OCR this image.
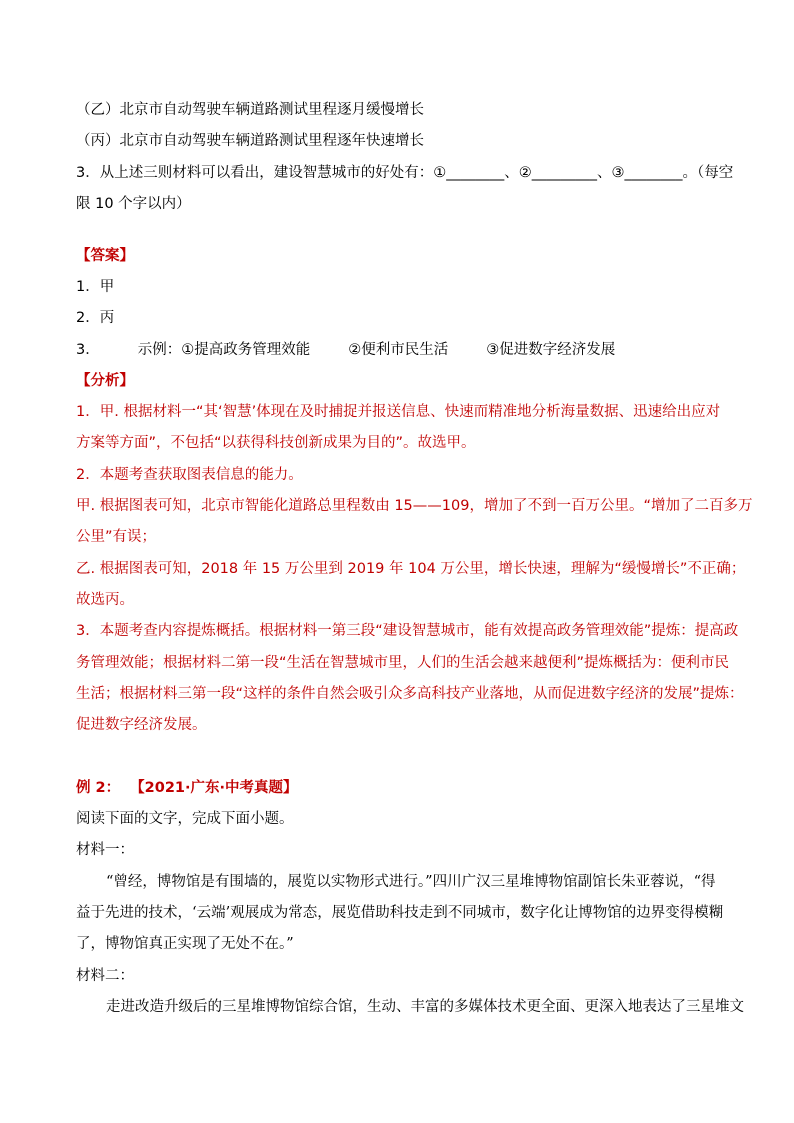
（乙）北京市自动驾驶车辆道路测试里程逐月缓慢增长
（丙）北京市自动驾驶车辆道路测试里程逐年快速增长
3．从上述三则材料可以看出，建设智慧城市的好处有：①________、②_________、③________。（每空
限 10 个字以内）
【答案】
1．甲
2．丙
3．	示例：①提高政务管理效能	②便利市民生活	③促进数字经济发展
【分析】
1．甲. 根据材料一“其‘智慧’体现在及时捕捉并报送信息、快速而精准地分析海量数据、迅速给出应对
方案等方面”，不包括“以获得科技创新成果为目的”。故选甲。
2．本题考查获取图表信息的能力。
甲. 根据图表可知，北京市智能化道路总里程数由 15——109，增加了不到一百万公里。“增加了二百多万
公里”有误；
乙. 根据图表可知，2018 年 15 万公里到 2019 年 104 万公里，增长快速，理解为“缓慢增长”不正确；
故选丙。
3．本题考查内容提炼概括。根据材料一第三段“建设智慧城市，能有效提高政务管理效能”提炼：提高政
务管理效能；根据材料二第一段“生活在智慧城市里，人们的生活会越来越便利”提炼概括为：便利市民
生活；根据材料三第一段“这样的条件自然会吸引众多高科技产业落地，从而促进数字经济的发展”提炼：
促进数字经济发展。
例 2： 【2021·广东·中考真题】
阅读下面的文字，完成下面小题。
材料一：
“曾经，博物馆是有围墙的，展览以实物形式进行。”四川广汉三星堆博物馆副馆长朱亚蓉说，“得
益于先进的技术，‘云端’观展成为常态，展览借助科技走到不同城市，数字化让博物馆的边界变得模糊
了，博物馆真正实现了无处不在。”
材料二：
走进改造升级后的三星堆博物馆综合馆，生动、丰富的多媒体技术更全面、更深入地表达了三星堆文
